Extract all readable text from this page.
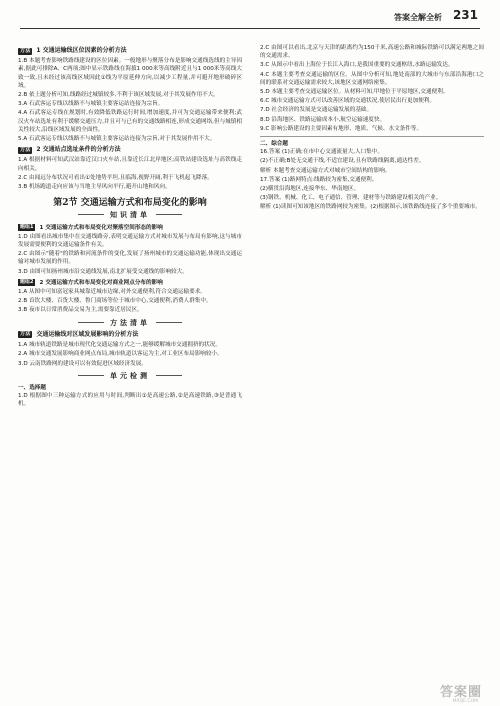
答案全解全析 231
方法	1 交通运输线区位因素的分析方法

1.B 本题考查影响铁路线建设的区位因素。一般地形与聚落分布是影响交通线选线的主导因素,据此可排除A、C两项;图中显示铁路线在海拔1 000米等高线附近且与1 000米等高线大致一致,且未经过该高线区域因此①线为平原延伸方向,以减少工程量,并可避开地形破碎区域。

2.B 依上题分析可知,线路经过城镇较多,不利于该区域发展,对于其发展作用不大。

3.A 石武客运专线以线路不与城镇主要客运站连接为宗旨。

4.A 石武客运专线在规划时,有效降低铁路运行时间,增加速度,并可为交通运输带来便利;武汉火车站选址有利于缓解交通压力,并且可与已有的交通线路相连,形成交通网络,但与城镇相关性较大,沿线区域发展的全面性。

5.A 石武客运专线以线路不与城镇主要客运站连接为宗旨,对于其发展作用不大。

方法	2 交通站点选址条件的分析方法

1.A 根据材料可知武汉站靠近汉口火车站,且靠近长江北岸地区;高铁站建设选址与高铁线走向相关。

2.C 由闻远分布状况可看出①处地势平坦,且临海,视野开阔,利于飞机起飞降落。

3.B 机场跑道走向应该与当地主导风向平行,避开山地和风向。

第2节 交通运输方式和布局变化的影响
知识清单
题组1	1 交通运输方式和布局变化对聚落空间形态的影响

1.D 由图看出城市集中在交通线路旁,表明交通运输方式对城市发展与布局有影响,这与城市发展需要便利的交通运输条件有关。

2.C 由图示"随着"的铁路和河流条件的变化,发展了扬州城市的交通运输功能,体现出交通运输对城市发展的作用。

3.D 由图可知扬州城市沿交通线发展,南北扩展受交通线的影响较大。

题组2	2 交通运输方式和布局变化对商业网点分布的影响

1.A 从图中可知富冠家具城靠近城市边缘,对外交通便利,符合交通运输要求。

2.B 首饮大楼、百货大楼、鲁门商场等位于城市中心,交通便利,消费人群集中。

3.B 夜市以日常消费品交易为主,需要靠近居民区。

方法清单
方法	交通运输线对区域发展影响的分析方法

1.A 城市轨道铁路是城市现代化交通运输方式之一,能够缓解城市交通拥挤的状况。

2.A 城市交通发展影响商业网点布局,城市轨道以客运为主,对工业区布局影响较小。

3.D 云南铁路网的建设可以有效促进区域经济发展。

单元检测
一、选择题

1.D 根据图中三种运输方式的应用与时间,判断出①是高速公路,②是高速铁路,③是普通飞机。

2.C 由图可以看出,北京与天津的距离约为150千米,高速公路和城际铁路可以满足两地之间的交通需求。

3.C 从图示中看出上海位于长江入海口,是我国重要的交通枢纽,水路运输发达。

4.C 本题主要考查交通运输的区位。从图中分析可知,地处南部的大城市与东部沿海港口之间的联系对交通运输需求较大,该地区交通网络密集。

5.D 本题主要考查交通运输区位。从材料可知,甲地位于平原地区,交通便利。

6.C 城市交通运输方式可以改善区域的交通状况,使居民出行更加便利。

7.D 社会经济的发展是交通运输发展的基础。

8.D 沿海地区、铁路运输成本小,航空运输速度快。

9.C 影响公路建设的主要因素有地形、地质、气候、水文条件等。

二、综合题

16.答案 (1)正确;在市中心交通流量大,人口集中。

(2)不正确;B处无交通干线,不适宜建设,且有铁路线隔离,通达性差。

解析 本题考查交通运输方式对城市空间结构的影响。

17.答案 (1)路网特点:线路较为密集,交通便利。

(2)横贯沿海地区,连接华东、华南地区。

(3)钢铁、机械、化工、电子通信、管理、建材等与铁路建设相关的产业。

解析 (1)读图可知该地区的铁路网较为密集。(2)根据图示,该铁路线连接了多个重要城市。

答案圈
MXQE.COM
